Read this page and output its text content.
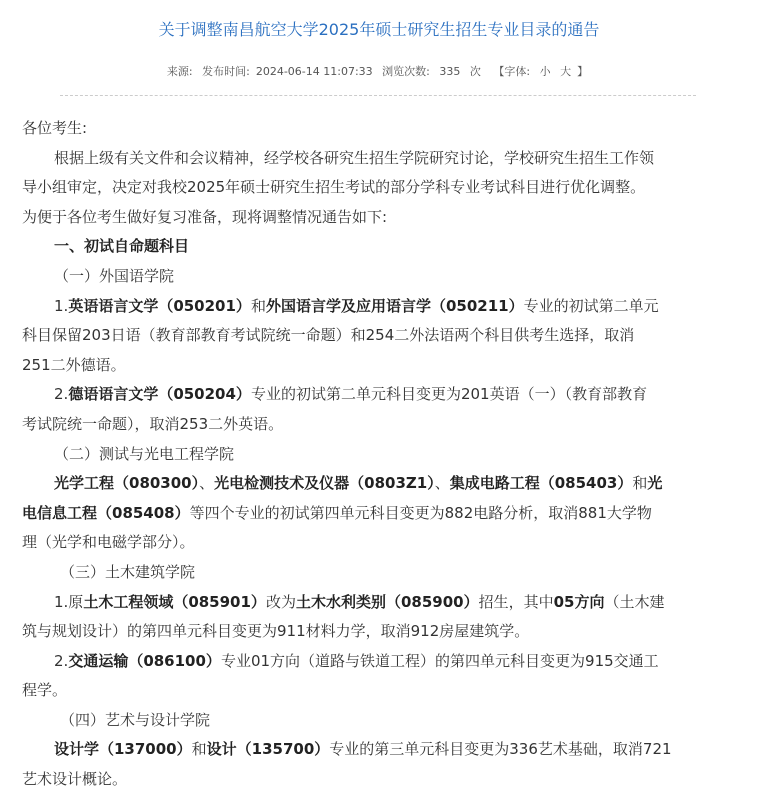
关于调整南昌航空大学2025年硕士研究生招生专业目录的通告
来源: 发布时间: 2024-06-14 11:07:33 浏览次数: 335 次 【字体: 小 大 】
各位考生:
根据上级有关文件和会议精神，经学校各研究生招生学院研究讨论，学校研究生招生工作领
导小组审定，决定对我校2025年硕士研究生招生考试的部分学科专业考试科目进行优化调整。
为便于各位考生做好复习准备，现将调整情况通告如下:
一、初试自命题科目
（一）外国语学院
1.英语语言文学（050201）和外国语言学及应用语言学（050211）专业的初试第二单元
科目保留203日语（教育部教育考试院统一命题）和254二外法语两个科目供考生选择，取消
251二外德语。
2.德语语言文学（050204）专业的初试第二单元科目变更为201英语（一）（教育部教育
考试院统一命题），取消253二外英语。
（二）测试与光电工程学院
光学工程（080300）、光电检测技术及仪器（0803Z1）、集成电路工程（085403）和光
电信息工程（085408）等四个专业的初试第四单元科目变更为882电路分析，取消881大学物
理（光学和电磁学部分）。
（三）土木建筑学院
1.原土木工程领域（085901）改为土木水利类别（085900）招生，其中05方向（土木建
筑与规划设计）的第四单元科目变更为911材料力学，取消912房屋建筑学。
2.交通运输（086100）专业01方向（道路与铁道工程）的第四单元科目变更为915交通工
程学。
（四）艺术与设计学院
设计学（137000）和设计（135700）专业的第三单元科目变更为336艺术基础，取消721
艺术设计概论。
